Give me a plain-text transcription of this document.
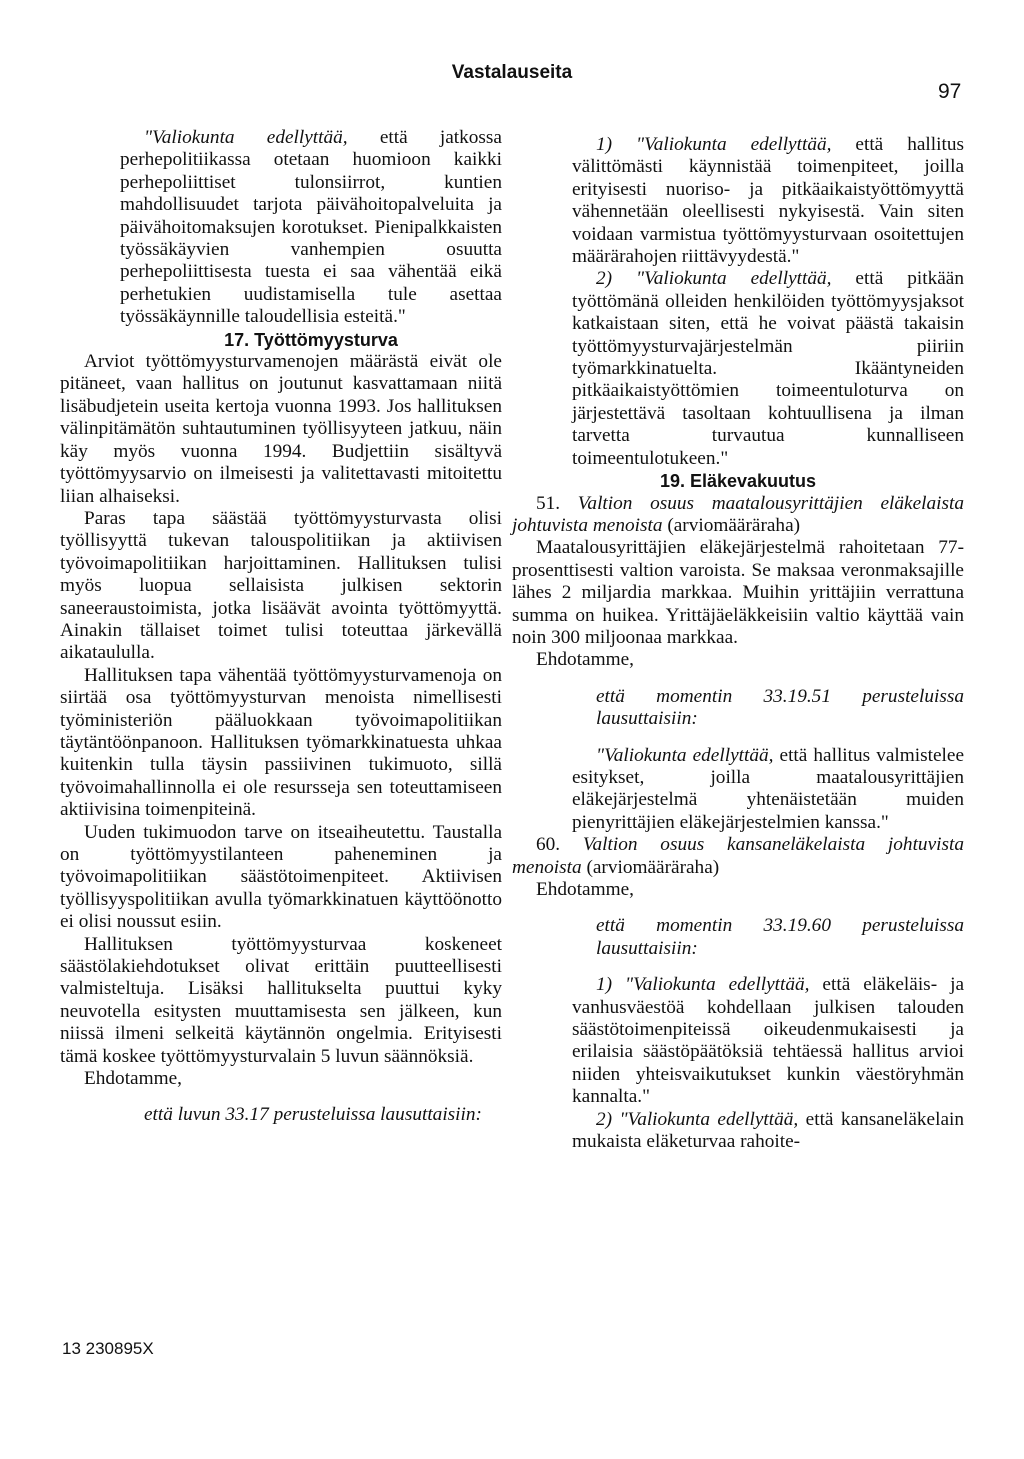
Vastalauseita
97

"Valiokunta edellyttää, että jatkossa perhepolitiikassa otetaan huomioon kaikki perhepoliittiset tulonsiirrot, kuntien mahdollisuudet tarjota päivähoitopalveluita ja päivähoitomaksujen korotukset. Pienipalkkaisten työssäkäyvien vanhempien osuutta perhepoliittisesta tuesta ei saa vähentää eikä perhetukien uudistamisella tule asettaa työssäkäynnille taloudellisia esteitä."

17. Työttömyysturva

Arviot työttömyysturvamenojen määrästä eivät ole pitäneet, vaan hallitus on joutunut kasvattamaan niitä lisäbudjetein useita kertoja vuonna 1993. Jos hallituksen välinpitämätön suhtautuminen työllisyyteen jatkuu, näin käy myös vuonna 1994. Budjettiin sisältyvä työttömyysarvio on ilmeisesti ja valitettavasti mitoitettu liian alhaiseksi.

Paras tapa säästää työttömyysturvasta olisi työllisyyttä tukevan talouspolitiikan ja aktiivisen työvoimapolitiikan harjoittaminen. Hallituksen tulisi myös luopua sellaisista julkisen sektorin saneeraustoimista, jotka lisäävät avointa työttömyyttä. Ainakin tällaiset toimet tulisi toteuttaa järkevällä aikataululla.

Hallituksen tapa vähentää työttömyysturvamenoja on siirtää osa työttömyysturvan menoista nimellisesti työministeriön pääluokkaan työvoimapolitiikan täytäntöönpanoon. Hallituksen työmarkkinatuesta uhkaa kuitenkin tulla täysin passiivinen tukimuoto, sillä työvoimahallinnolla ei ole resursseja sen toteuttamiseen aktiivisina toimenpiteinä.

Uuden tukimuodon tarve on itseaiheutettu. Taustalla on työttömyystilanteen paheneminen ja työvoimapolitiikan säästötoimenpiteet. Aktiivisen työllisyyspolitiikan avulla työmarkkinatuen käyttöönotto ei olisi noussut esiin.

Hallituksen työttömyysturvaa koskeneet säästölakiehdotukset olivat erittäin puutteellisesti valmisteltuja. Lisäksi hallitukselta puuttui kyky neuvotella esitysten muuttamisesta sen jälkeen, kun niissä ilmeni selkeitä käytännön ongelmia. Erityisesti tämä koskee työttömyysturvalain 5 luvun säännöksiä.

Ehdotamme,

että luvun 33.17 perusteluissa lausuttaisiin:

1) "Valiokunta edellyttää, että hallitus välittömästi käynnistää toimenpiteet, joilla erityisesti nuoriso- ja pitkäaikaistyöttömyyttä vähennetään oleellisesti nykyisestä. Vain siten voidaan varmistua työttömyysturvaan osoitettujen määrärahojen riittävyydestä."

2) "Valiokunta edellyttää, että pitkään työttömänä olleiden henkilöiden työttömyysjaksot katkaistaan siten, että he voivat päästä takaisin työttömyysturvajärjestelmän piiriin työmarkkinatuelta. Ikääntyneiden pitkäaikaistyöttömien toimeentuloturva on järjestettävä tasoltaan kohtuullisena ja ilman tarvetta turvautua kunnalliseen toimeentulotukeen."

19. Eläkevakuutus

51. Valtion osuus maatalousyrittäjien eläkelaista johtuvista menoista (arviomääräraha)

Maatalousyrittäjien eläkejärjestelmä rahoitetaan 77-prosenttisesti valtion varoista. Se maksaa veronmaksajille lähes 2 miljardia markkaa. Muihin yrittäjiin verrattuna summa on huikea. Yrittäjäeläkkeisiin valtio käyttää vain noin 300 miljoonaa markkaa.

Ehdotamme,

että momentin 33.19.51 perusteluissa lausuttaisiin:

"Valiokunta edellyttää, että hallitus valmistelee esitykset, joilla maatalousyrittäjien eläkejärjestelmä yhtenäistetään muiden pienyrittäjien eläkejärjestelmien kanssa."

60. Valtion osuus kansaneläkelaista johtuvista menoista (arviomääräraha)

Ehdotamme,

että momentin 33.19.60 perusteluissa lausuttaisiin:

1) "Valiokunta edellyttää, että eläkeläis- ja vanhusväestöä kohdellaan julkisen talouden säästötoimenpiteissä oikeudenmukaisesti ja erilaisia säästöpäätöksiä tehtäessä hallitus arvioi niiden yhteisvaikutukset kunkin väestöryhmän kannalta."

2) "Valiokunta edellyttää, että kansaneläkelain mukaista eläketurvaa rahoite-

13 230895X
